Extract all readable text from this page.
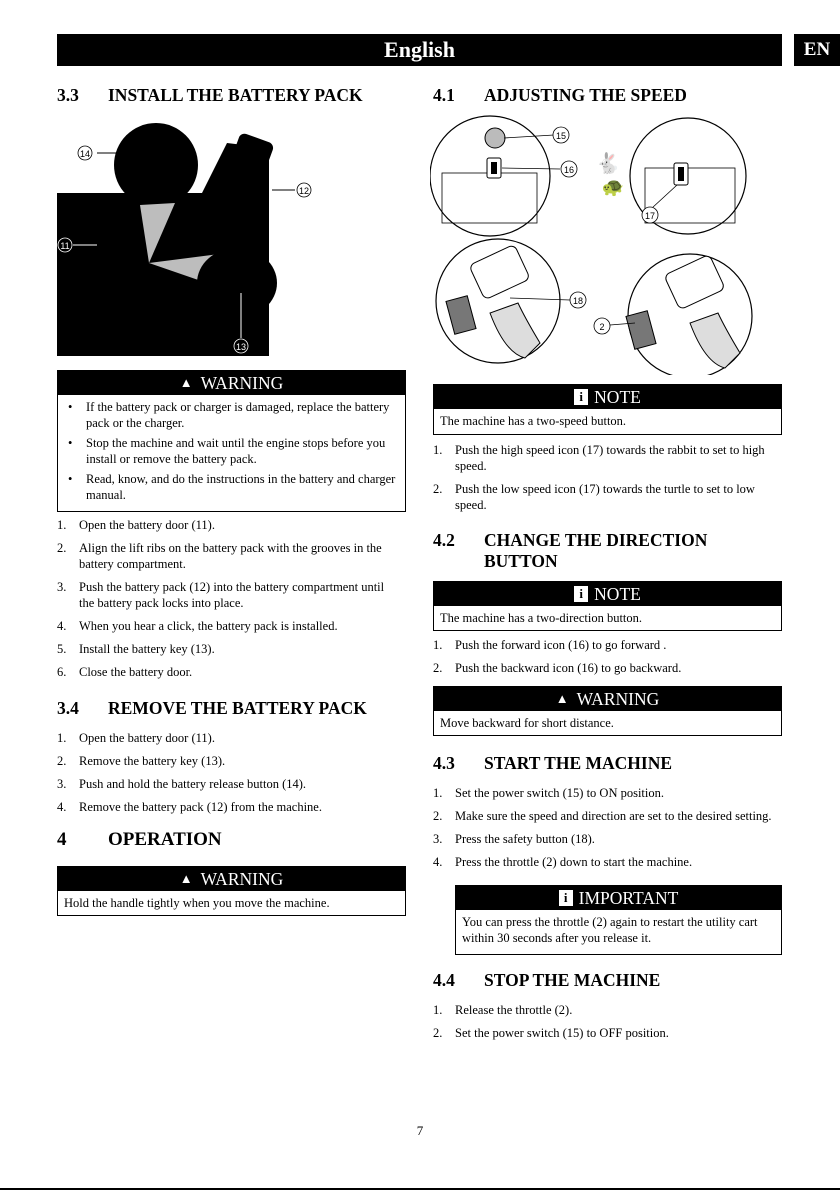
English	EN
3.3 INSTALL THE BATTERY PACK
14
12
11
13
▲ WARNING
• If the battery pack or charger is damaged, replace the battery pack or the charger.
• Stop the machine and wait until the engine stops before you install or remove the battery pack.
• Read, know, and do the instructions in the battery and charger manual.
1. Open the battery door (11).
2. Align the lift ribs on the battery pack with the grooves in the battery compartment.
3. Push the battery pack (12) into the battery compartment until the battery pack locks into place.
4. When you hear a click, the battery pack is installed.
5. Install the battery key (13).
6. Close the battery door.
3.4 REMOVE THE BATTERY PACK
1. Open the battery door (11).
2. Remove the battery key (13).
3. Push and hold the battery release button (14).
4. Remove the battery pack (12) from the machine.
4 OPERATION
▲ WARNING
Hold the handle tightly when you move the machine.
4.1 ADJUSTING THE SPEED
15
16 🐇
🐢
17
18
2
i NOTE
The machine has a two-speed button.
1. Push the high speed icon (17) towards the rabbit to set to high speed.
2. Push the low speed icon (17) towards the turtle to set to low speed.
4.2 CHANGE THE DIRECTION
BUTTON
i NOTE
The machine has a two-direction button.
1. Push the forward icon (16) to go forward .
2. Push the backward icon (16) to go backward.
▲ WARNING
Move backward for short distance.
4.3 START THE MACHINE
1. Set the power switch (15) to ON position.
2. Make sure the speed and direction are set to the desired setting.
3. Press the safety button (18).
4. Press the throttle (2) down to start the machine.
i IMPORTANT
You can press the throttle (2) again to restart the utility cart within 30 seconds after you release it.
4.4 STOP THE MACHINE
1. Release the throttle (2).
2. Set the power switch (15) to OFF position.
7
